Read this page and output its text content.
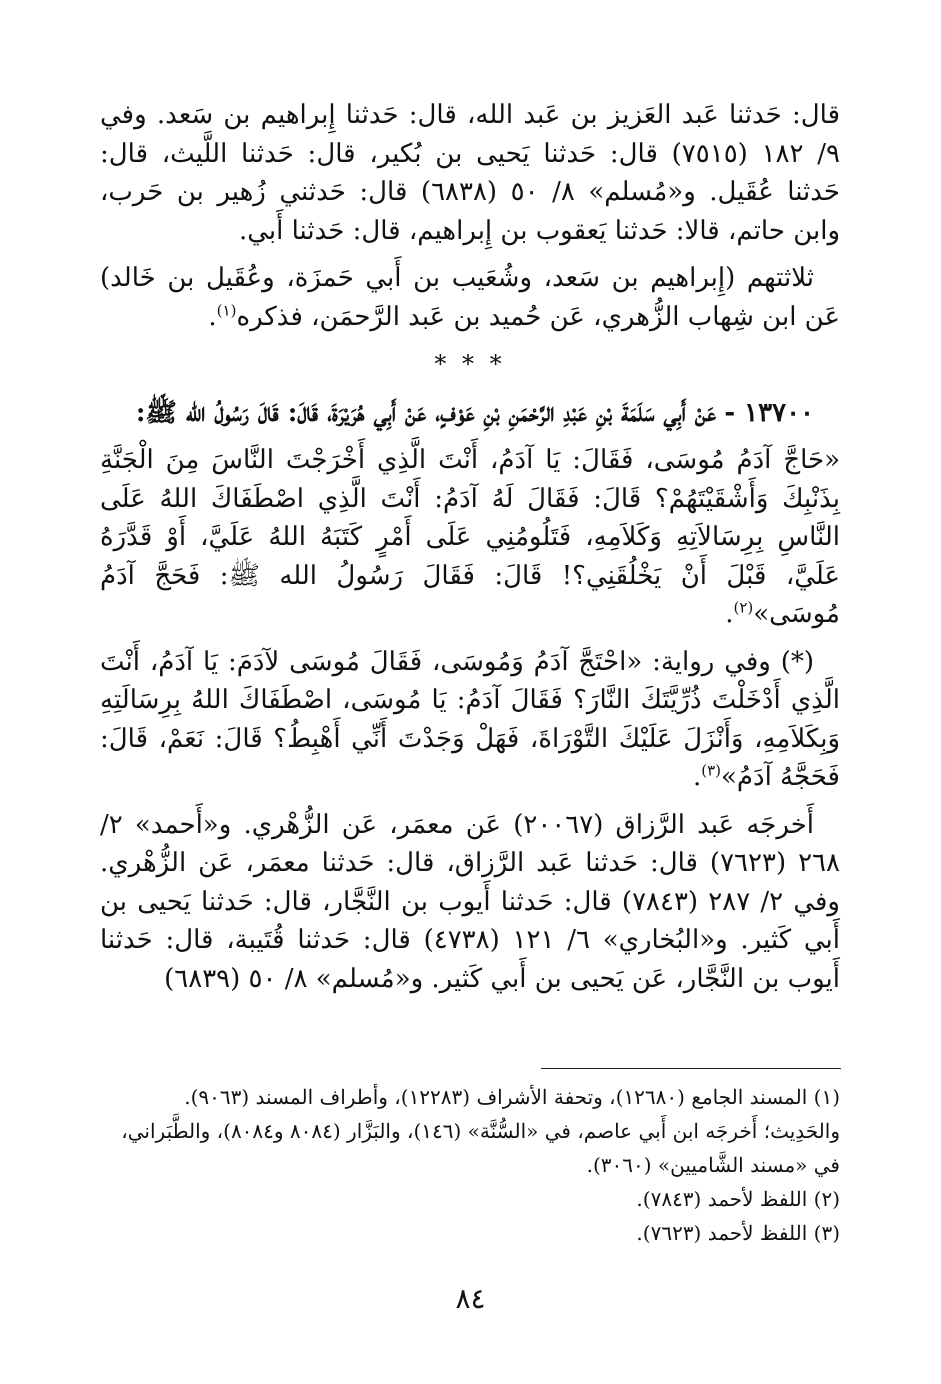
قال: حَدثنا عَبد العَزيز بن عَبد الله، قال: حَدثنا إِبراهيم بن سَعد. وفي ٩/ ١٨٢ (٧٥١٥) قال: حَدثنا يَحيى بن بُكير، قال: حَدثنا اللَّيث، قال: حَدثنا عُقَيل. و«مُسلم» ٨/ ٥٠ (٦٨٣٨) قال: حَدثني زُهير بن حَرب، وابن حاتم، قالا: حَدثنا يَعقوب بن إِبراهيم، قال: حَدثنا أَبي.

ثلاثتهم (إِبراهيم بن سَعد، وشُعَيب بن أَبي حَمزَة، وعُقَيل بن خَالد) عَن ابن شِهاب الزُّهري، عَن حُميد بن عَبد الرَّحمَن، فذكره$^{(١)}$.

* * *

١٣٧٠٠ - عَنْ أَبِي سَلَمَةَ بْنِ عَبْدِ الرَّحْمَنِ بْنِ عَوْفٍ، عَنْ أَبِي هُرَيْرَةَ، قَالَ: قَالَ رَسُولُ الله ﷺ:

«حَاجَّ آدَمُ مُوسَى، فَقَالَ: يَا آدَمُ، أَنْتَ الَّذِي أَخْرَجْتَ النَّاسَ مِنَ الْجَنَّةِ بِذَنْبِكَ وَأَشْقَيْتَهُمْ؟ قَالَ: فَقَالَ لَهُ آدَمُ: أَنْتَ الَّذِي اصْطَفَاكَ اللهُ عَلَى النَّاسِ بِرِسَالاَتِهِ وَكَلاَمِهِ، فَتَلُومُنِي عَلَى أَمْرٍ كَتَبَهُ اللهُ عَلَيَّ، أَوْ قَدَّرَهُ عَلَيَّ، قَبْلَ أَنْ يَخْلُقَنِي؟! قَالَ: فَقَالَ رَسُولُ الله ﷺ: فَحَجَّ آدَمُ مُوسَى»$^{(٢)}$.

(*) وفي رواية: «احْتَجَّ آدَمُ وَمُوسَى، فَقَالَ مُوسَى لآدَمَ: يَا آدَمُ، أَنْتَ الَّذِي أَدْخَلْتَ ذُرِّيَّتَكَ النَّارَ؟ فَقَالَ آدَمُ: يَا مُوسَى، اصْطَفَاكَ اللهُ بِرِسَالَتِهِ وَبِكَلاَمِهِ، وَأَنْزَلَ عَلَيْكَ التَّوْرَاةَ، فَهَلْ وَجَدْتَ أَنِّي أَهْبِطُ؟ قَالَ: نَعَمْ، قَالَ: فَحَجَّهُ آدَمُ»$^{(٣)}$.

أَخرجَه عَبد الرَّزاق (٢٠٠٦٧) عَن معمَر، عَن الزُّهْري. و«أَحمد» ٢/ ٢٦٨ (٧٦٢٣) قال: حَدثنا عَبد الرَّزاق، قال: حَدثنا معمَر، عَن الزُّهْري. وفي ٢/ ٢٨٧ (٧٨٤٣) قال: حَدثنا أَيوب بن النَّجَّار، قال: حَدثنا يَحيى بن أَبي كَثير. و«البُخاري» ٦/ ١٢١ (٤٧٣٨) قال: حَدثنا قُتَيبة، قال: حَدثنا أَيوب بن النَّجَّار، عَن يَحيى بن أَبي كَثير. و«مُسلم» ٨/ ٥٠ (٦٨٣٩)

(١) المسند الجامع (١٢٦٨٠)، وتحفة الأشراف (١٢٢٨٣)، وأطراف المسند (٩٠٦٣).

والحَدِيث؛ أَخرجَه ابن أَبي عاصم، في «السُّنَّة» (١٤٦)، والبَزَّار (٨٠٨٤ و٨٠٨٤)، والطَّبَراني، في «مسند الشَّاميين» (٣٠٦٠).

(٢) اللفظ لأحمد (٧٨٤٣).

(٣) اللفظ لأحمد (٧٦٢٣).

٨٤
